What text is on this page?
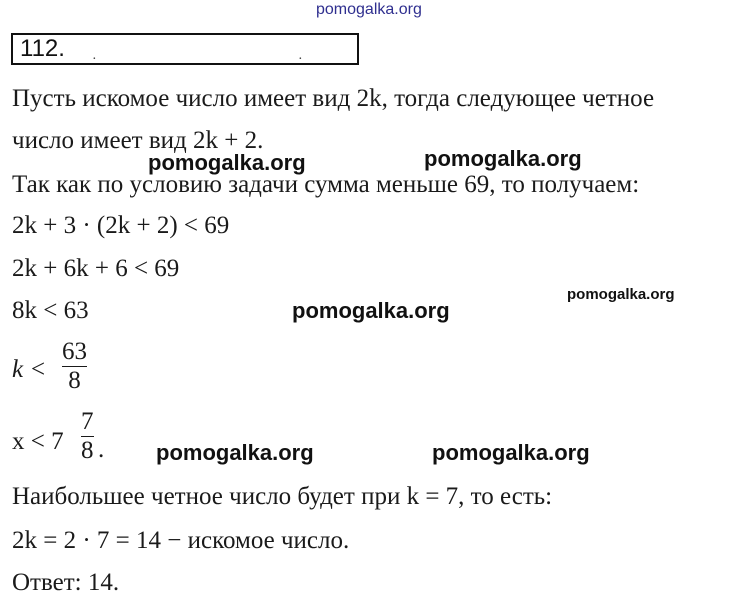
pomogalka.org
112. ·	·
Пусть искомое число имеет вид 2k, тогда следующее четное
число имеет вид 2k + 2.
Так как по условию задачи сумма меньше 69, то получаем:
2k + 3 · (2k + 2) < 69
2k + 6k + 6 < 69
8k < 63
k <
63
8
x < 7
7
8 .
Наибольшее четное число будет при k = 7, то есть:
2k = 2 · 7 = 14 − искомое число.
Ответ: 14.
pomogalka.org	pomogalka.org
pomogalka.org
pomogalka.org
pomogalka.org	pomogalka.org
